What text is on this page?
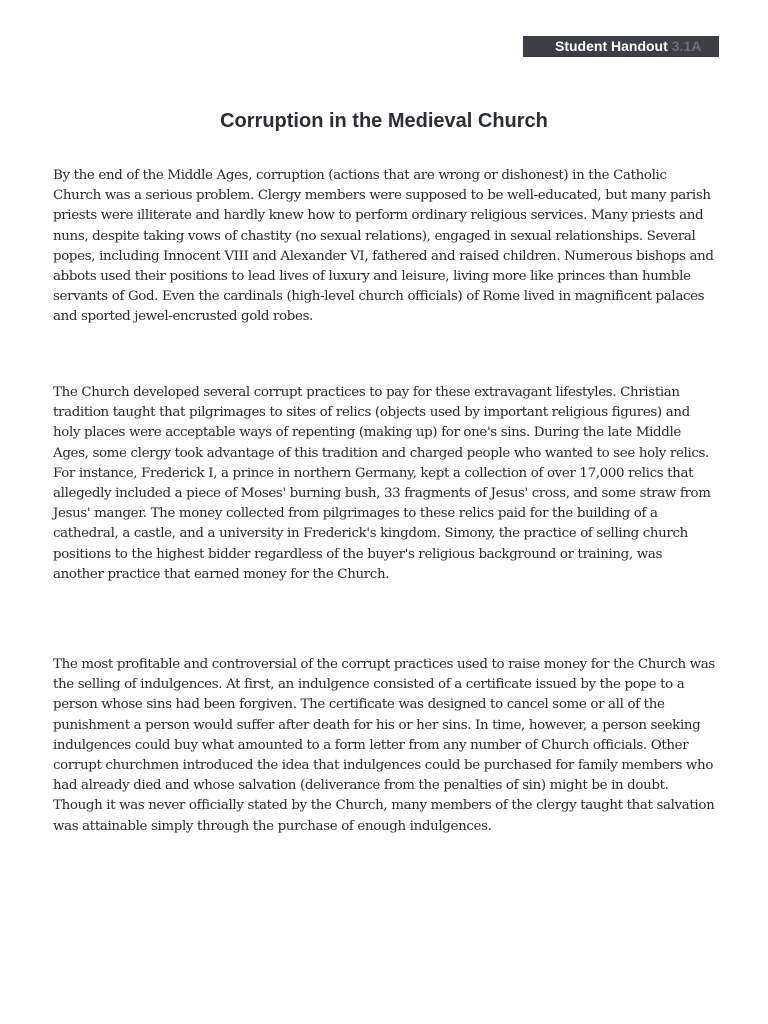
Student Handout 3.1A
Corruption in the Medieval Church

By the end of the Middle Ages, corruption (actions that are wrong or dishonest) in the Catholic Church was a serious problem. Clergy members were supposed to be well-educated, but many parish priests were illiterate and hardly knew how to perform ordinary religious services. Many priests and nuns, despite taking vows of chastity (no sexual relations), engaged in sexual relationships. Several popes, including Innocent VIII and Alexander VI, fathered and raised children. Numerous bishops and abbots used their positions to lead lives of luxury and leisure, living more like princes than humble servants of God. Even the cardinals (high-level church officials) of Rome lived in magnificent palaces and sported jewel-encrusted gold robes.

The Church developed several corrupt practices to pay for these extravagant lifestyles. Christian tradition taught that pilgrimages to sites of relics (objects used by important religious figures) and holy places were acceptable ways of repenting (making up) for one's sins. During the late Middle Ages, some clergy took advantage of this tradition and charged people who wanted to see holy relics. For instance, Frederick I, a prince in northern Germany, kept a collection of over 17,000 relics that allegedly included a piece of Moses' burning bush, 33 fragments of Jesus' cross, and some straw from Jesus' manger. The money collected from pilgrimages to these relics paid for the building of a cathedral, a castle, and a university in Frederick's kingdom. Simony, the practice of selling church positions to the highest bidder regardless of the buyer's religious background or training, was another practice that earned money for the Church.

The most profitable and controversial of the corrupt practices used to raise money for the Church was the selling of indulgences. At first, an indulgence consisted of a certificate issued by the pope to a person whose sins had been forgiven. The certificate was designed to cancel some or all of the punishment a person would suffer after death for his or her sins. In time, however, a person seeking indulgences could buy what amounted to a form letter from any number of Church officials. Other corrupt churchmen introduced the idea that indulgences could be purchased for family members who had already died and whose salvation (deliverance from the penalties of sin) might be in doubt. Though it was never officially stated by the Church, many members of the clergy taught that salvation was attainable simply through the purchase of enough indulgences.
